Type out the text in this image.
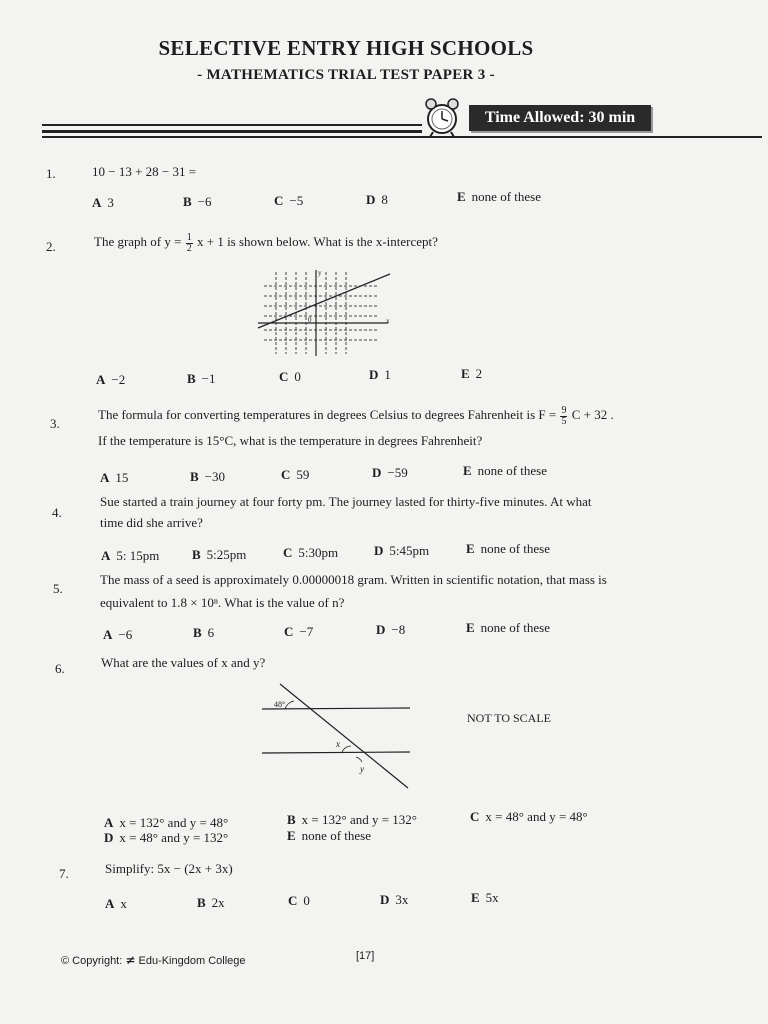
SELECTIVE ENTRY HIGH SCHOOLS
- MATHEMATICS TRIAL TEST PAPER 3 -
Time Allowed: 30 min
1.	10 − 13 + 28 − 31 =
A 3	B −6	C −5	D 8	E none of these
2.	The graph of $y = \frac{1}{2}$ x + 1 is shown below. What is the x-intercept?
y
x
0
A −2	B −1	C 0	D 1	E 2
3.
The formula for converting temperatures in degrees Celsius to degrees Fahrenheit is $F = \frac{9}{5}$ C + 32 .
If the temperature is 15°C, what is the temperature in degrees Fahrenheit?
A 15	B −30	C 59	D −59	E none of these
4.
Sue started a train journey at four forty pm. The journey lasted for thirty-five minutes. At what
time did she arrive?
A 5: 15pm	B 5:25pm	C 5:30pm	D 5:45pm	E none of these
5.
The mass of a seed is approximately 0.00000018 gram. Written in scientific notation, that mass is
equivalent to 1.8 × 10ⁿ. What is the value of n?
A −6	B 6	C −7	D −8	E none of these
6.	What are the values of x and y?
48°
x
y
NOT TO SCALE
A x = 132° and y = 48°	B x = 132° and y = 132°	C x = 48° and y = 48°
D x = 48° and y = 132°	E none of these
7.	Simplify: 5x − (2x + 3x)
A x	B 2x	C 0	D 3x	E 5x
© Copyright: ≠ Edu-Kingdom College	[17]
